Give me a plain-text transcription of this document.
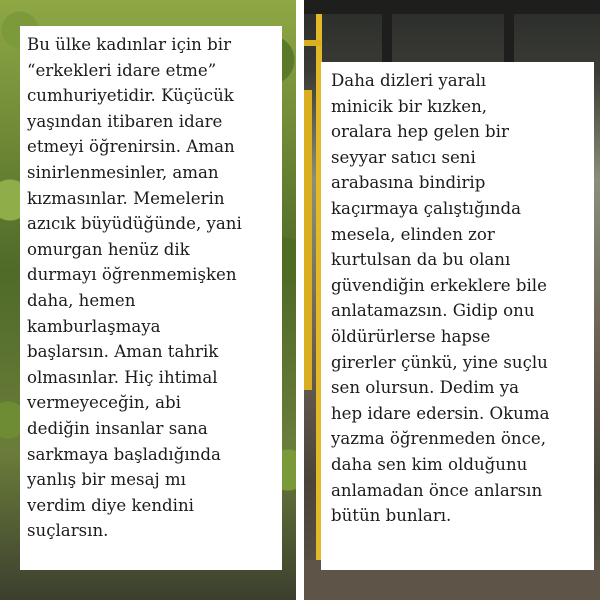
Bu ülke kadınlar için bir
“erkekleri idare etme”
cumhuriyetidir. Küçücük
yaşından itibaren idare
etmeyi öğrenirsin. Aman
sinirlenmesinler, aman
kızmasınlar. Memelerin
azıcık büyüdüğünde, yani
omurgan henüz dik
durmayı öğrenmemişken
daha, hemen
kamburlaşmaya
başlarsın. Aman tahrik
olmasınlar. Hiç ihtimal
vermeyeceğin, abi
dediğin insanlar sana
sarkmaya başladığında
yanlış bir mesaj mı
verdim diye kendini
suçlarsın.
Daha dizleri yaralı
minicik bir kızken,
oralara hep gelen bir
seyyar satıcı seni
arabasına bindirip
kaçırmaya çalıştığında
mesela, elinden zor
kurtulsan da bu olanı
güvendiğin erkeklere bile
anlatamazsın. Gidip onu
öldürürlerse hapse
girerler çünkü, yine suçlu
sen olursun. Dedim ya
hep idare edersin. Okuma
yazma öğrenmeden önce,
daha sen kim olduğunu
anlamadan önce anlarsın
bütün bunları.
